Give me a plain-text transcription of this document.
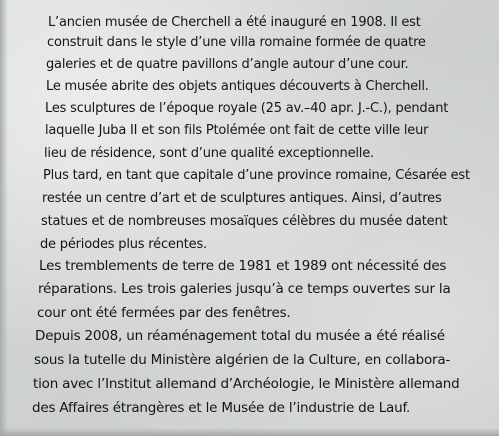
L’ancien musée de Cherchell a été inauguré en 1908. Il est
construit dans le style d’une villa romaine formée de quatre
galeries et de quatre pavillons d’angle autour d’une cour.
Le musée abrite des objets antiques découverts à Cherchell.
Les sculptures de l’époque royale (25 av.–40 apr. J.-C.), pendant
laquelle Juba II et son fils Ptolémée ont fait de cette ville leur
lieu de résidence, sont d’une qualité exceptionnelle.
Plus tard, en tant que capitale d’une province romaine, Césarée est
restée un centre d’art et de sculptures antiques. Ainsi, d’autres
statues et de nombreuses mosaïques célèbres du musée datent
de périodes plus récentes.
Les tremblements de terre de 1981 et 1989 ont nécessité des
réparations. Les trois galeries jusqu’à ce temps ouvertes sur la
cour ont été fermées par des fenêtres.
Depuis 2008, un réaménagement total du musée a été réalisé
sous la tutelle du Ministère algérien de la Culture, en collabora-
tion avec l’Institut allemand d’Archéologie, le Ministère allemand
des Affaires étrangères et le Musée de l’industrie de Lauf.
